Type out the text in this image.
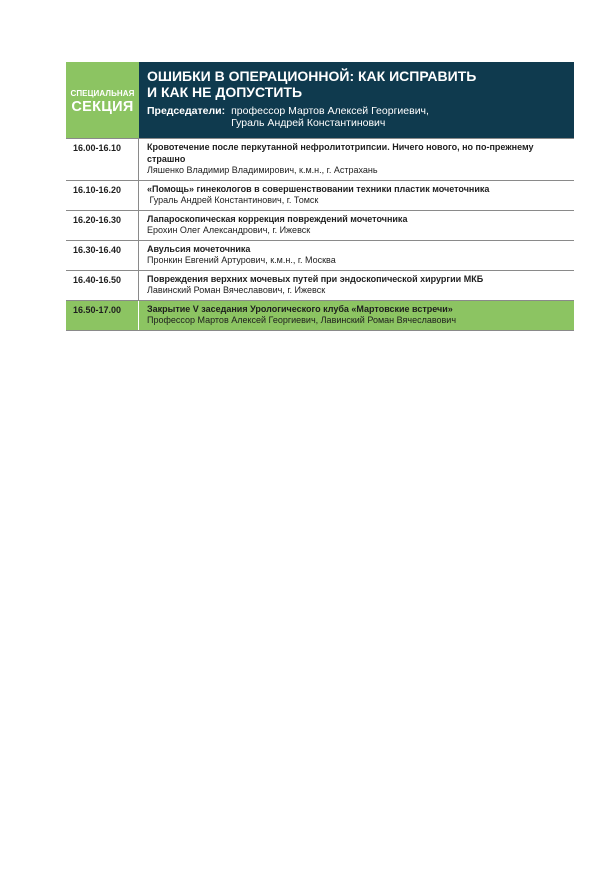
СПЕЦИАЛЬНАЯ
СЕКЦИЯ
ОШИБКИ В ОПЕРАЦИОННОЙ: КАК ИСПРАВИТЬ
И КАК НЕ ДОПУСТИТЬ
Председатели: профессор Мартов Алексей Георгиевич,
Гураль Андрей Константинович
16.00-16.10	Кровотечение после перкутанной нефролитотрипсии. Ничего нового, но по-прежнему страшно
Ляшенко Владимир Владимирович, к.м.н., г. Астрахань
16.10-16.20	«Помощь» гинекологов в совершенствовании техники пластик мочеточника
Гураль Андрей Константинович, г. Томск
16.20-16.30	Лапароскопическая коррекция повреждений мочеточника
Ерохин Олег Александрович, г. Ижевск
16.30-16.40	Авульсия мочеточника
Пронкин Евгений Артурович, к.м.н., г. Москва
16.40-16.50	Повреждения верхних мочевых путей при эндоскопической хирургии МКБ
Лавинский Роман Вячеславович, г. Ижевск
16.50-17.00	Закрытие V заседания Урологического клуба «Мартовские встречи»
Профессор Мартов Алексей Георгиевич, Лавинский Роман Вячеславович
